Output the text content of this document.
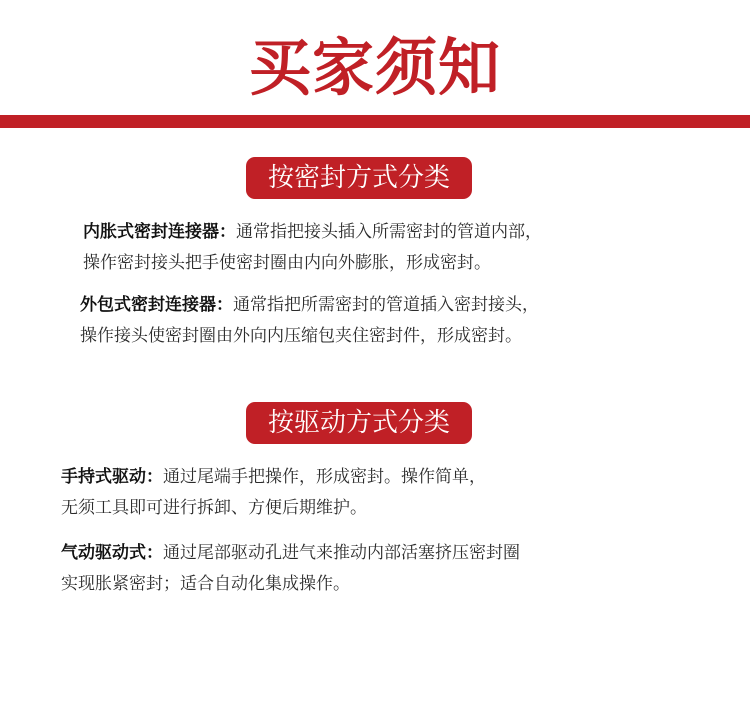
买家须知
按密封方式分类
内胀式密封连接器：通常指把接头插入所需密封的管道内部，
操作密封接头把手使密封圈由内向外膨胀，形成密封。
外包式密封连接器：通常指把所需密封的管道插入密封接头，
操作接头使密封圈由外向内压缩包夹住密封件，形成密封。
按驱动方式分类
手持式驱动：通过尾端手把操作，形成密封。操作简单，
无须工具即可进行拆卸、方便后期维护。
气动驱动式：通过尾部驱动孔进气来推动内部活塞挤压密封圈
实现胀紧密封；适合自动化集成操作。
